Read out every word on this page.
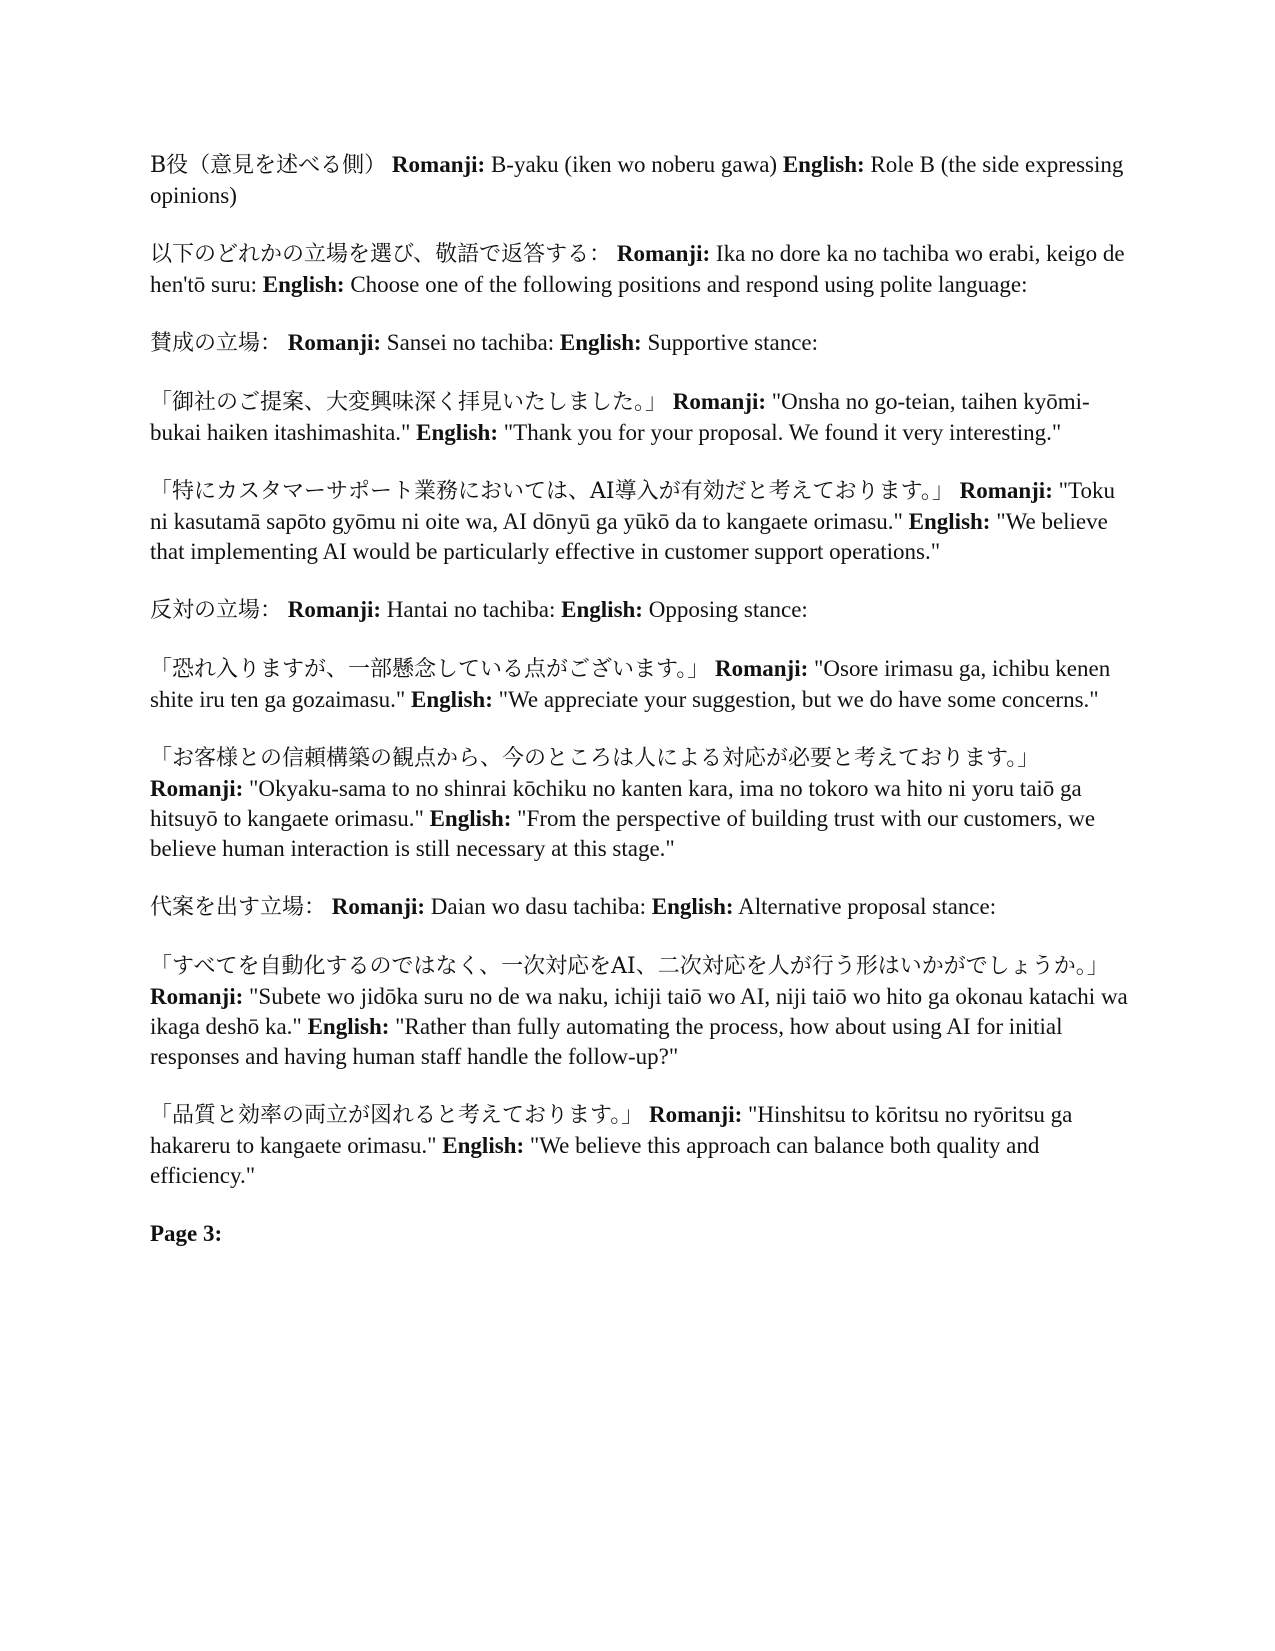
B役（意見を述べる側） Romanji: B-yaku (iken wo noberu gawa) English: Role B (the side expressing opinions)

以下のどれかの立場を選び、敬語で返答する： Romanji: Ika no dore ka no tachiba wo erabi, keigo de hen'tō suru: English: Choose one of the following positions and respond using polite language:

賛成の立場： Romanji: Sansei no tachiba: English: Supportive stance:

「御社のご提案、大変興味深く拝見いたしました。」 Romanji: "Onsha no go-teian, taihen kyōmi-bukai haiken itashimashita." English: "Thank you for your proposal. We found it very interesting."

「特にカスタマーサポート業務においては、AI導入が有効だと考えております。」 Romanji: "Toku ni kasutamā sapōto gyōmu ni oite wa, AI dōnyū ga yūkō da to kangaete orimasu." English: "We believe that implementing AI would be particularly effective in customer support operations."

反対の立場： Romanji: Hantai no tachiba: English: Opposing stance:

「恐れ入りますが、一部懸念している点がございます。」 Romanji: "Osore irimasu ga, ichibu kenen shite iru ten ga gozaimasu." English: "We appreciate your suggestion, but we do have some concerns."

「お客様との信頼構築の観点から、今のところは人による対応が必要と考えております。」 Romanji: "Okyaku-sama to no shinrai kōchiku no kanten kara, ima no tokoro wa hito ni yoru taiō ga hitsuyō to kangaete orimasu." English: "From the perspective of building trust with our customers, we believe human interaction is still necessary at this stage."

代案を出す立場： Romanji: Daian wo dasu tachiba: English: Alternative proposal stance:

「すべてを自動化するのではなく、一次対応をAI、二次対応を人が行う形はいかがでしょうか。」 Romanji: "Subete wo jidōka suru no de wa naku, ichiji taiō wo AI, niji taiō wo hito ga okonau katachi wa ikaga deshō ka." English: "Rather than fully automating the process, how about using AI for initial responses and having human staff handle the follow-up?"

「品質と効率の両立が図れると考えております。」 Romanji: "Hinshitsu to kōritsu no ryōritsu ga hakareru to kangaete orimasu." English: "We believe this approach can balance both quality and efficiency."

Page 3:
